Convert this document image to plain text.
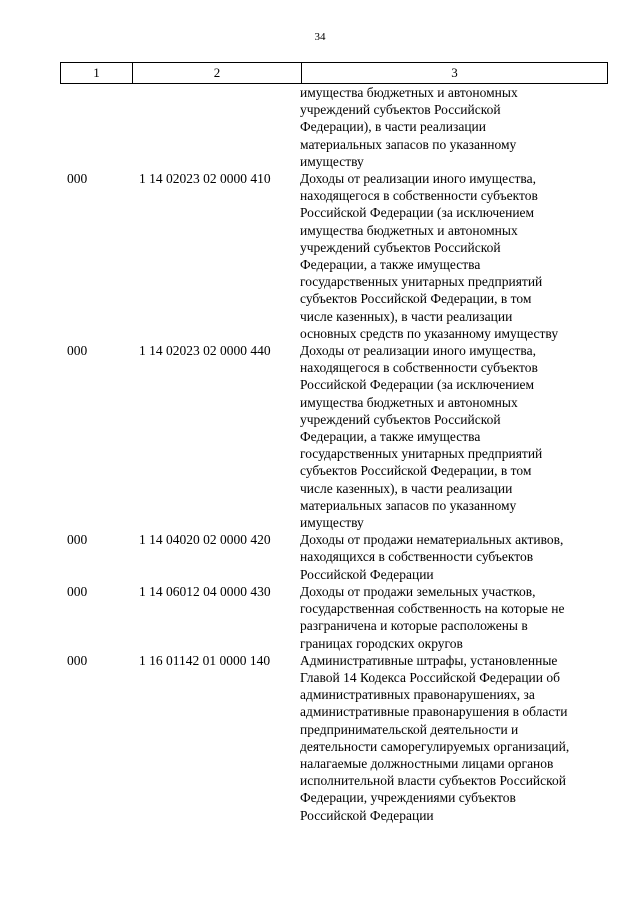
34
1	2	3
имущества бюджетных и автономных
учреждений субъектов Российской
Федерации), в части реализации
материальных запасов по указанному
имуществу
000	1 14 02023 02 0000 410 Доходы от реализации иного имущества,
находящегося в собственности субъектов
Российской Федерации (за исключением
имущества бюджетных и автономных
учреждений субъектов Российской
Федерации, а также имущества
государственных унитарных предприятий
субъектов Российской Федерации, в том
числе казенных), в части реализации
основных средств по указанному имуществу
000	1 14 02023 02 0000 440 Доходы от реализации иного имущества,
находящегося в собственности субъектов
Российской Федерации (за исключением
имущества бюджетных и автономных
учреждений субъектов Российской
Федерации, а также имущества
государственных унитарных предприятий
субъектов Российской Федерации, в том
числе казенных), в части реализации
материальных запасов по указанному
имуществу
000	1 14 04020 02 0000 420 Доходы от продажи нематериальных активов,
находящихся в собственности субъектов
Российской Федерации
000	1 14 06012 04 0000 430 Доходы от продажи земельных участков,
государственная собственность на которые не
разграничена и которые расположены в
границах городских округов
000	1 16 01142 01 0000 140 Административные штрафы, установленные
Главой 14 Кодекса Российской Федерации об
административных правонарушениях, за
административные правонарушения в области
предпринимательской деятельности и
деятельности саморегулируемых организаций,
налагаемые должностными лицами органов
исполнительной власти субъектов Российской
Федерации, учреждениями субъектов
Российской Федерации
